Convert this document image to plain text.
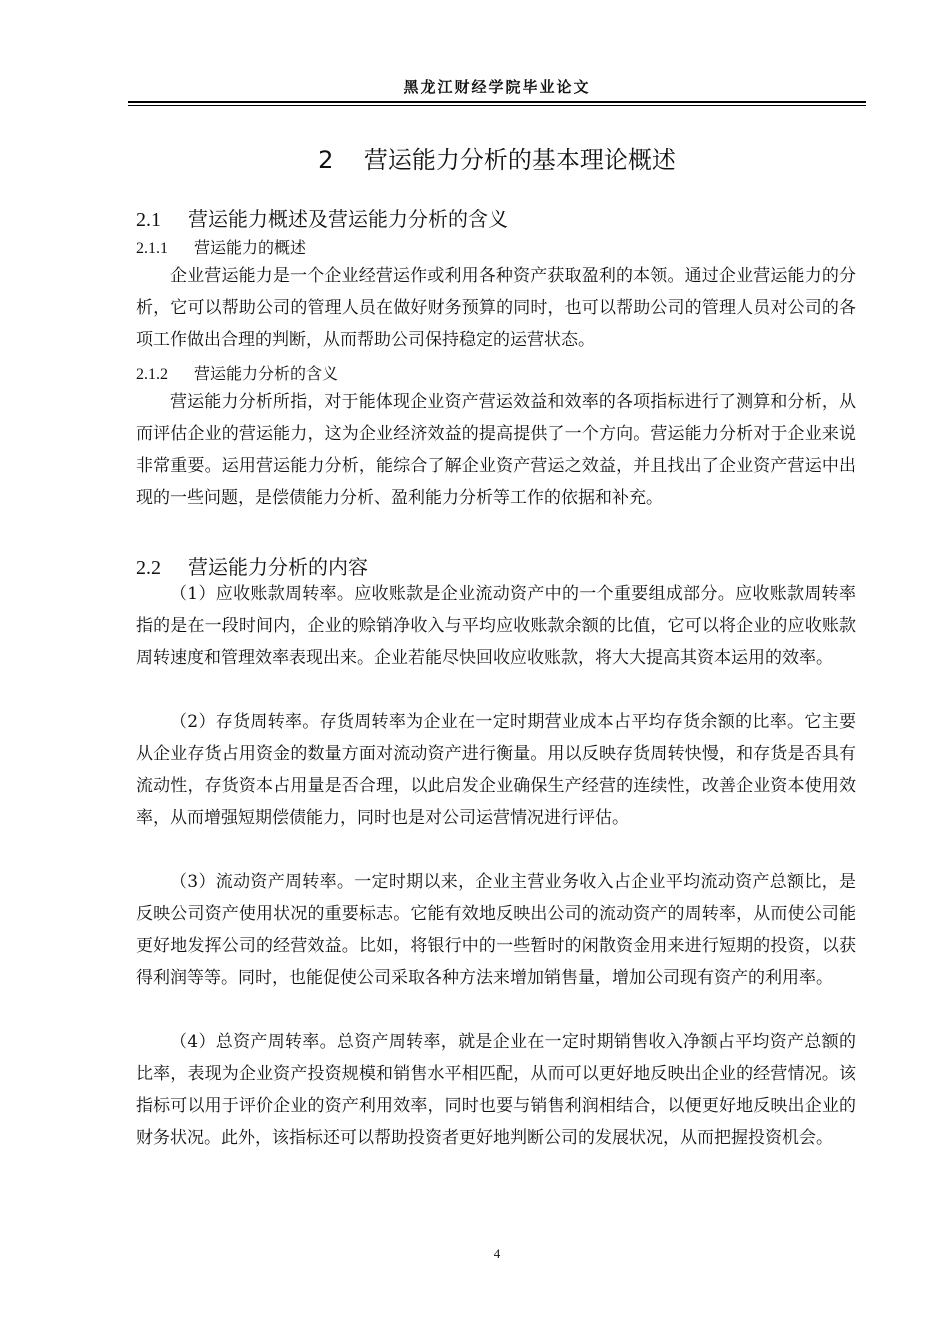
黑龙江财经学院毕业论文
2 营运能力分析的基本理论概述
2.1 营运能力概述及营运能力分析的含义
2.1.1 营运能力的概述

企业营运能力是一个企业经营运作或利用各种资产获取盈利的本领。通过企业营运能力的分析，它可以帮助公司的管理人员在做好财务预算的同时，也可以帮助公司的管理人员对公司的各项工作做出合理的判断，从而帮助公司保持稳定的运营状态。

2.1.2 营运能力分析的含义

营运能力分析所指，对于能体现企业资产营运效益和效率的各项指标进行了测算和分析，从而评估企业的营运能力，这为企业经济效益的提高提供了一个方向。营运能力分析对于企业来说非常重要。运用营运能力分析，能综合了解企业资产营运之效益，并且找出了企业资产营运中出现的一些问题，是偿债能力分析、盈利能力分析等工作的依据和补充。

2.2 营运能力分析的内容

（1）应收账款周转率。应收账款是企业流动资产中的一个重要组成部分。应收账款周转率指的是在一段时间内，企业的赊销净收入与平均应收账款余额的比值，它可以将企业的应收账款周转速度和管理效率表现出来。企业若能尽快回收应收账款，将大大提高其资本运用的效率。

（2）存货周转率。存货周转率为企业在一定时期营业成本占平均存货余额的比率。它主要从企业存货占用资金的数量方面对流动资产进行衡量。用以反映存货周转快慢，和存货是否具有流动性，存货资本占用量是否合理，以此启发企业确保生产经营的连续性，改善企业资本使用效率，从而增强短期偿债能力，同时也是对公司运营情况进行评估。

（3）流动资产周转率。一定时期以来，企业主营业务收入占企业平均流动资产总额比，是反映公司资产使用状况的重要标志。它能有效地反映出公司的流动资产的周转率，从而使公司能更好地发挥公司的经营效益。比如，将银行中的一些暂时的闲散资金用来进行短期的投资，以获得利润等等。同时，也能促使公司采取各种方法来增加销售量，增加公司现有资产的利用率。

（4）总资产周转率。总资产周转率，就是企业在一定时期销售收入净额占平均资产总额的比率，表现为企业资产投资规模和销售水平相匹配，从而可以更好地反映出企业的经营情况。该指标可以用于评价企业的资产利用效率，同时也要与销售利润相结合，以便更好地反映出企业的财务状况。此外，该指标还可以帮助投资者更好地判断公司的发展状况，从而把握投资机会。

4
